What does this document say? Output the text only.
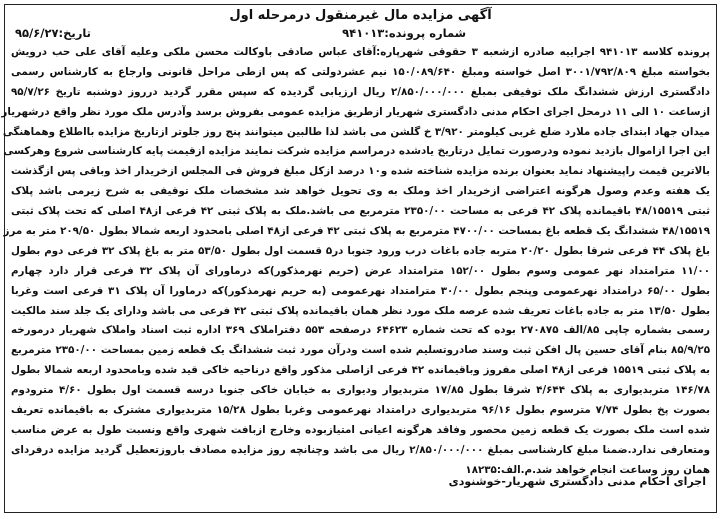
آگهی مزایده مال غیرمنقول درمرحله اول
شماره پرونده:۹۴۱۰۱۳
تاریخ:۹۵/۶/۲۷
پرونده کلاسه ۹۴۱۰۱۳ اجراییه صادره ازشعبه ۳ حقوقی شهرپاره:آقای عباس صادقی باوکالت محسن ملکی وعلیه آقای علی حب درویش
بخواسته مبلغ ۳۰۰۱/۷۹۲/۸۰۹ اصل خواسته ومبلغ ۱۵۰/۰۸۹/۶۴۰ نیم عشردولتی که پس ازطی مراحل قانونی وارجاع به کارشناس رسمی
دادگستری ارزش ششدانگ ملک توقیفی بمبلغ ۲/۸۵۰/۰۰۰/۰۰۰ ریال ارزیابی گردیده که سپس مقرر گردید درروز دوشنبه تاریخ ۹۵/۷/۲۶
ازساعت ۱۰ الی ۱۱ درمحل اجرای احکام مدنی دادگستری شهریار ازطریق مزایده عمومی بفروش برسد وآدرس ملک مورد نظر واقع درشهریار
میدان جهاد ابتدای جاده ملارد ضلع غربی کیلومتر ۳/۹۲۰ خ گلشن می باشد لذا طالبین میتوانند پنج روز جلوتر ازتاریخ مزایده بااطلاع وهماهنگی
این اجرا ازاموال بازدید نموده ودرصورت تمایل درتاریخ یادشده درمراسم مزایده شرکت نمایند مزایده ازقیمت پایه کارشناسی شروع وهرکسی
بالاترین قیمت راپیشنهاد نماید بعنوان برنده مزایده شناخته شده و۱۰ درصد ازکل مبلغ فروش فی المجلس ازخریدار اخذ وباقی پس ازگذشت
یک هفته وعدم وصول هرگونه اعتراضی ازخریدار اخذ وملک به وی تحویل خواهد شد مشخصات ملک توقیفی به شرح زیرمی باشد پلاک
ثبتی ۴۸/۱۵۵۱۹ باقیمانده پلاک ۴۲ فرعی به مساحت ۲۳۵۰/۰۰ مترمربع می باشد.ملک به پلاک ثبتی ۴۲ فرعی از۴۸ اصلی که تحت پلاک ثبتی
۴۸/۱۵۵۱۹ ششدانگ یک قطعه باغ بمساحت ۴۷۰۰/۰۰ مترمربع به پلاک ثبتی ۴۲ فرعی از۴۸ اصلی بامحدود اربعه شمالا بطول ۲۰۹/۵۰ متر به مرز
باغ پلاک ۴۴ فرعی شرقا بطول ۲۰/۲۰ متربه جاده باغات درب ورود جنوبا در۵ قسمت اول بطول ۵۳/۵۰ متر به باغ پلاک ۳۲ فرعی دوم بطول
۱۱/۰۰ مترامتداد نهر عمومی وسوم بطول ۱۵۲/۰۰ مترامتداد عرض (حریم نهرمذکور)که درماورای آن پلاک ۳۲ فرعی قرار دارد چهارم
بطول ۶۵/۰۰ درامتداد نهرعمومی وپنجم بطول ۳۰/۰۰ مترامتداد نهرعمومی (به حریم نهرمذکور)که درماورا آن پلاک ۳۱ فرعی است وغربا
بطول ۱۳/۵۰ متر به جاده باغات تعریف شده عرصه ملک مورد نظر همان باقیمانده پلاک ثبتی ۴۲ فرعی می باشد ودارای یک جلد سند مالکیت
رسمی بشماره چاپی ۸۵/الف ۲۷۰۸۷۵ بوده که تحت شماره ۶۴۶۲۳ درصفحه ۵۵۳ دفتراملاک ۳۶۹ اداره ثبت اسناد واملاک شهریار درمورخه
۸۵/۹/۲۵ بنام آقای حسین پال افکن ثبت وسند صادروتسلیم شده است ودرآن مورد ثبت ششدانگ یک قطعه زمین بمساحت ۲۳۵۰/۰۰ مترمربع
به پلاک ثبتی ۱۵۵۱۹ فرعی از۴۸ اصلی مفروز وباقیمانده ۴۲ فرعی ازاصلی مذکور واقع درناحیه خاکی قید شده وبامحدود اربعه شمالا بطول
۱۴۶/۷۸ متربدیواری به پلاک ۴/۶۴۴ شرقا بطول ۱۷/۸۵ متربدیوار ودیواری به خیابان خاکی جنوبا درسه قسمت اول بطول ۴/۶۰ مترودوم
بصورت پخ بطول ۷/۷۴ مترسوم بطول ۹۶/۱۶ متربدیواری درامتداد نهرعمومی وغربا بطول ۱۵/۲۸ متربدیواری مشترک به باقیمانده تعریف
شده است ملک بصورت یک قطعه زمین محصور وفاقد هرگونه اعیانی امتیازبوده وخارج ازبافت شهری واقع ونسبت طول به عرض مناسب
ومتعارفی ندارد.ضمنا مبلغ کارشناسی بمبلغ ۲/۸۵۰/۰۰۰/۰۰۰ ریال می باشد وچنانچه روز مزایده مصادف باروزتعطیل گردید مزایده درفردای
همان روز وساعت انجام خواهد شد.م.الف:۱۸۲۳۵
اجرای احکام مدنی دادگستری شهریار-خوشنودی
